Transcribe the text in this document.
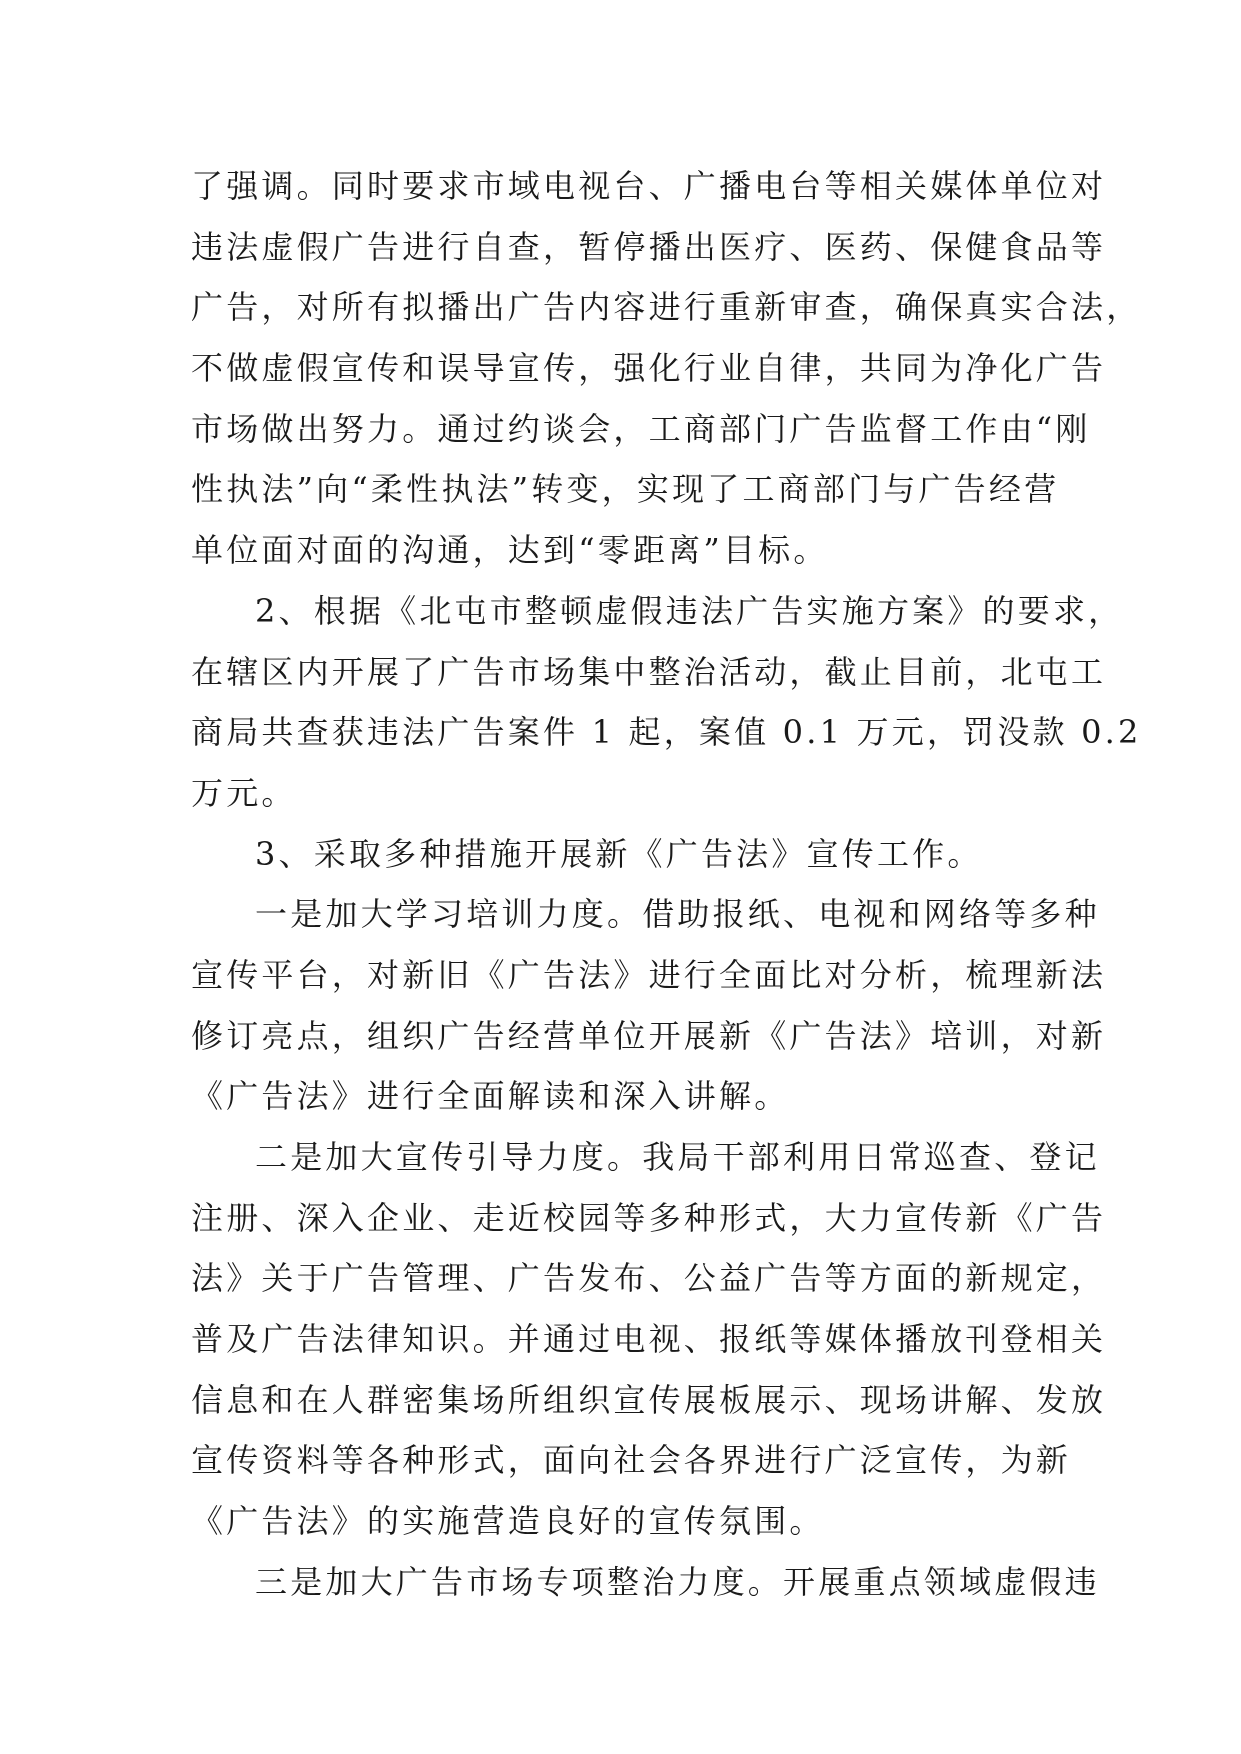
了强调。同时要求市域电视台、广播电台等相关媒体单位对
违法虚假广告进行自查，暂停播出医疗、医药、保健食品等
广告，对所有拟播出广告内容进行重新审查，确保真实合法，
不做虚假宣传和误导宣传，强化行业自律，共同为净化广告
市场做出努力。通过约谈会，工商部门广告监督工作由“刚
性执法”向“柔性执法”转变，实现了工商部门与广告经营
单位面对面的沟通，达到“零距离”目标。
2、根据《北屯市整顿虚假违法广告实施方案》的要求，
在辖区内开展了广告市场集中整治活动，截止目前，北屯工
商局共查获违法广告案件 1 起，案值 0.1 万元，罚没款 0.2
万元。
3、采取多种措施开展新《广告法》宣传工作。
一是加大学习培训力度。借助报纸、电视和网络等多种
宣传平台，对新旧《广告法》进行全面比对分析，梳理新法
修订亮点，组织广告经营单位开展新《广告法》培训，对新
《广告法》进行全面解读和深入讲解。
二是加大宣传引导力度。我局干部利用日常巡查、登记
注册、深入企业、走近校园等多种形式，大力宣传新《广告
法》关于广告管理、广告发布、公益广告等方面的新规定，
普及广告法律知识。并通过电视、报纸等媒体播放刊登相关
信息和在人群密集场所组织宣传展板展示、现场讲解、发放
宣传资料等各种形式，面向社会各界进行广泛宣传，为新
《广告法》的实施营造良好的宣传氛围。
三是加大广告市场专项整治力度。开展重点领域虚假违
